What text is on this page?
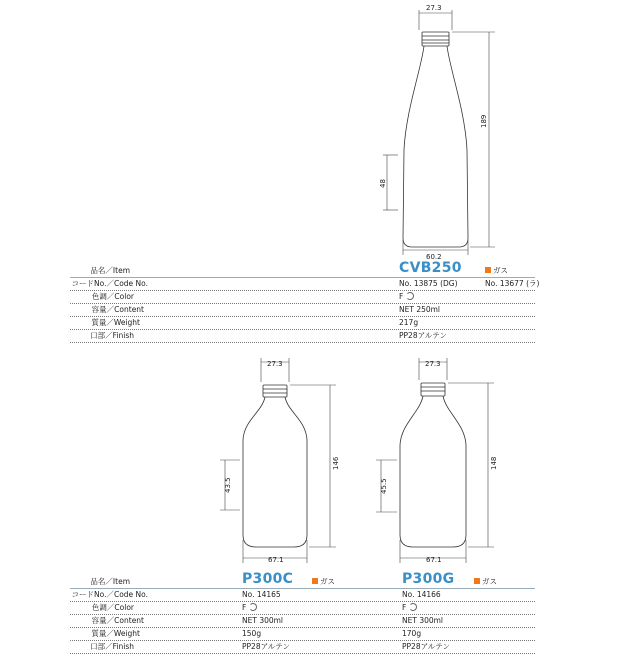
27.3
189
48
60.2
27.3
146
43.5
67.1
27.3
148
45.5
67.1
品名／Item	CVB250	ガス
コードNo.／Code No.	No. 13875 (DG)	No. 13677 (ラ)
色調／Color	F
容量／Content	NET 250ml
質量／Weight	217g
口部／Finish	PP28アルテン
品名／Item	P300C	ガス	P300G	ガス
コードNo.／Code No.	No. 14165	No. 14166
色調／Color	F	F
容量／Content	NET 300ml	NET 300ml
質量／Weight	150g	170g
口部／Finish	PP28アルテン	PP28アルテン
